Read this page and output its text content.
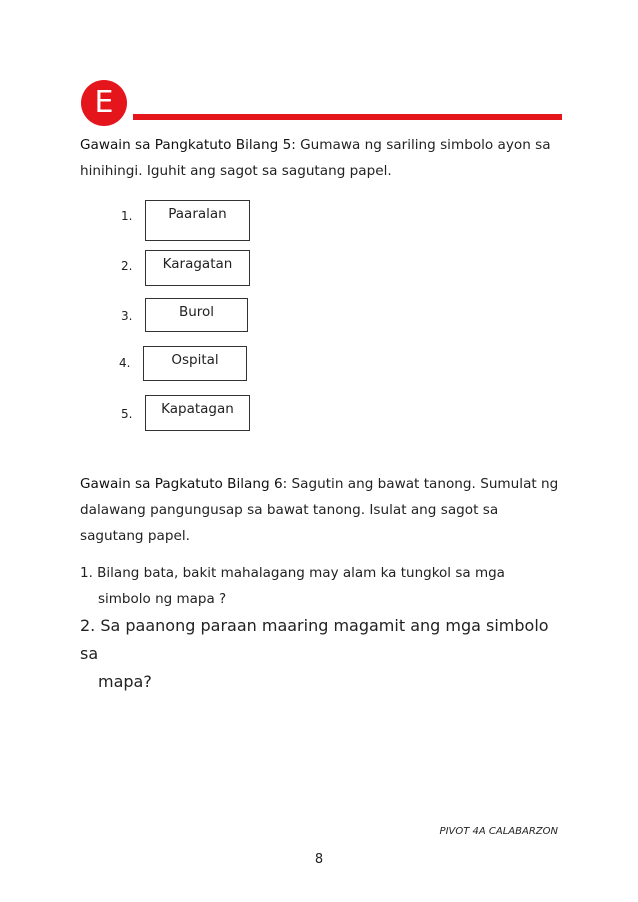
E
Gawain sa Pangkatuto Bilang 5: Gumawa ng sariling simbolo ayon sa hinihingi. Iguhit ang sagot sa sagutang papel.
1.	Paaralan
2.	Karagatan
3.	Burol
4.	Ospital
5.	Kapatagan
Gawain sa Pagkatuto Bilang 6: Sagutin ang bawat tanong. Sumulat ng dalawang pangungusap sa bawat tanong. Isulat ang sagot sa sagutang papel.
1. Bilang bata, bakit mahalagang may alam ka tungkol sa mga
simbolo ng mapa ?
2. Sa paanong paraan maaring magamit ang mga simbolo sa
mapa?
PIVOT 4A CALABARZON
8
